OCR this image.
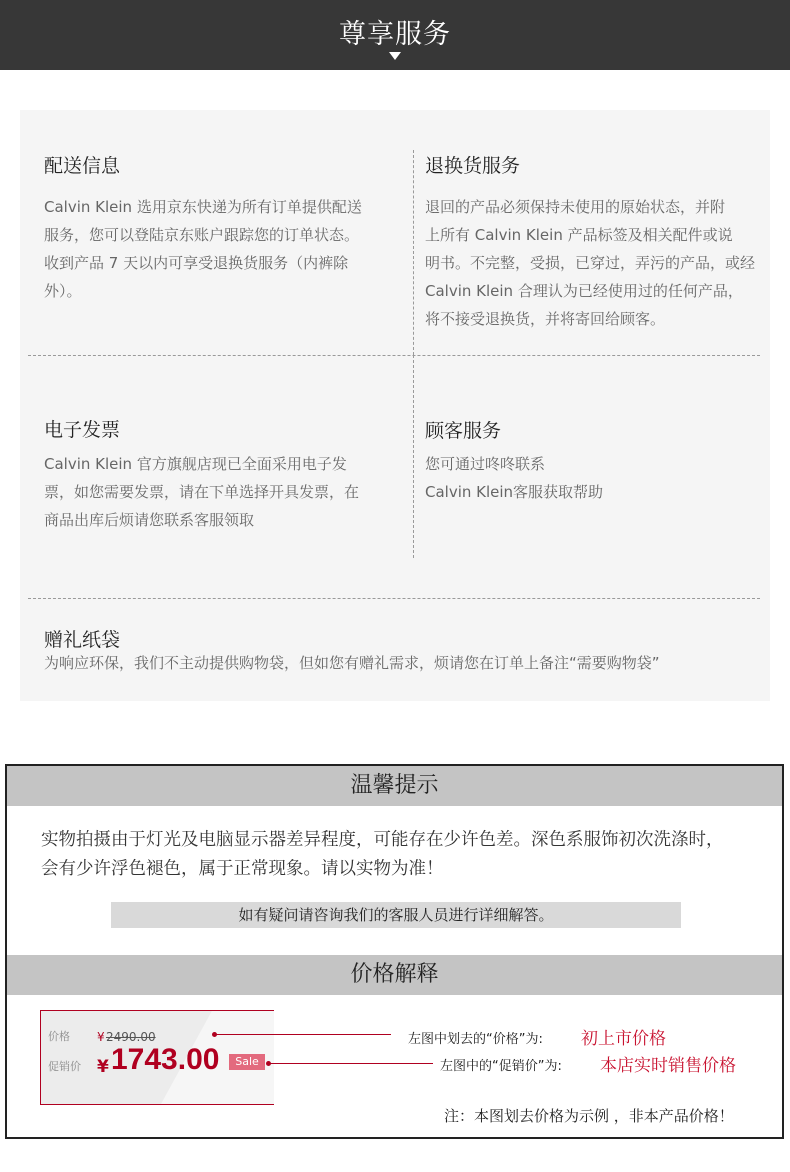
尊享服务
配送信息
Calvin Klein 选用京东快递为所有订单提供配送
服务，您可以登陆京东账户跟踪您的订单状态。
收到产品 7 天以内可享受退换货服务（内裤除
外）。
退换货服务
退回的产品必须保持未使用的原始状态，并附
上所有 Calvin Klein 产品标签及相关配件或说
明书。不完整，受损，已穿过，弄污的产品，或经
Calvin Klein 合理认为已经使用过的任何产品，
将不接受退换货，并将寄回给顾客。
电子发票
Calvin Klein 官方旗舰店现已全面采用电子发
票，如您需要发票，请在下单选择开具发票，在
商品出库后烦请您联系客服领取
顾客服务
您可通过咚咚联系
Calvin Klein客服获取帮助
赠礼纸袋
为响应环保，我们不主动提供购物袋，但如您有赠礼需求，烦请您在订单上备注“需要购物袋”
温馨提示
实物拍摄由于灯光及电脑显示器差异程度，可能存在少许色差。深色系服饰初次洗涤时，
会有少许浮色褪色，属于正常现象。请以实物为准！
如有疑问请咨询我们的客服人员进行详细解答。
价格解释
价格 ¥ 2490.00
促销价 ¥ 1743.00	Sale
左图中划去的“价格”为: 初上市价格
左图中的“促销价”为: 本店实时销售价格
注：本图划去价格为示例 ，非本产品价格！
